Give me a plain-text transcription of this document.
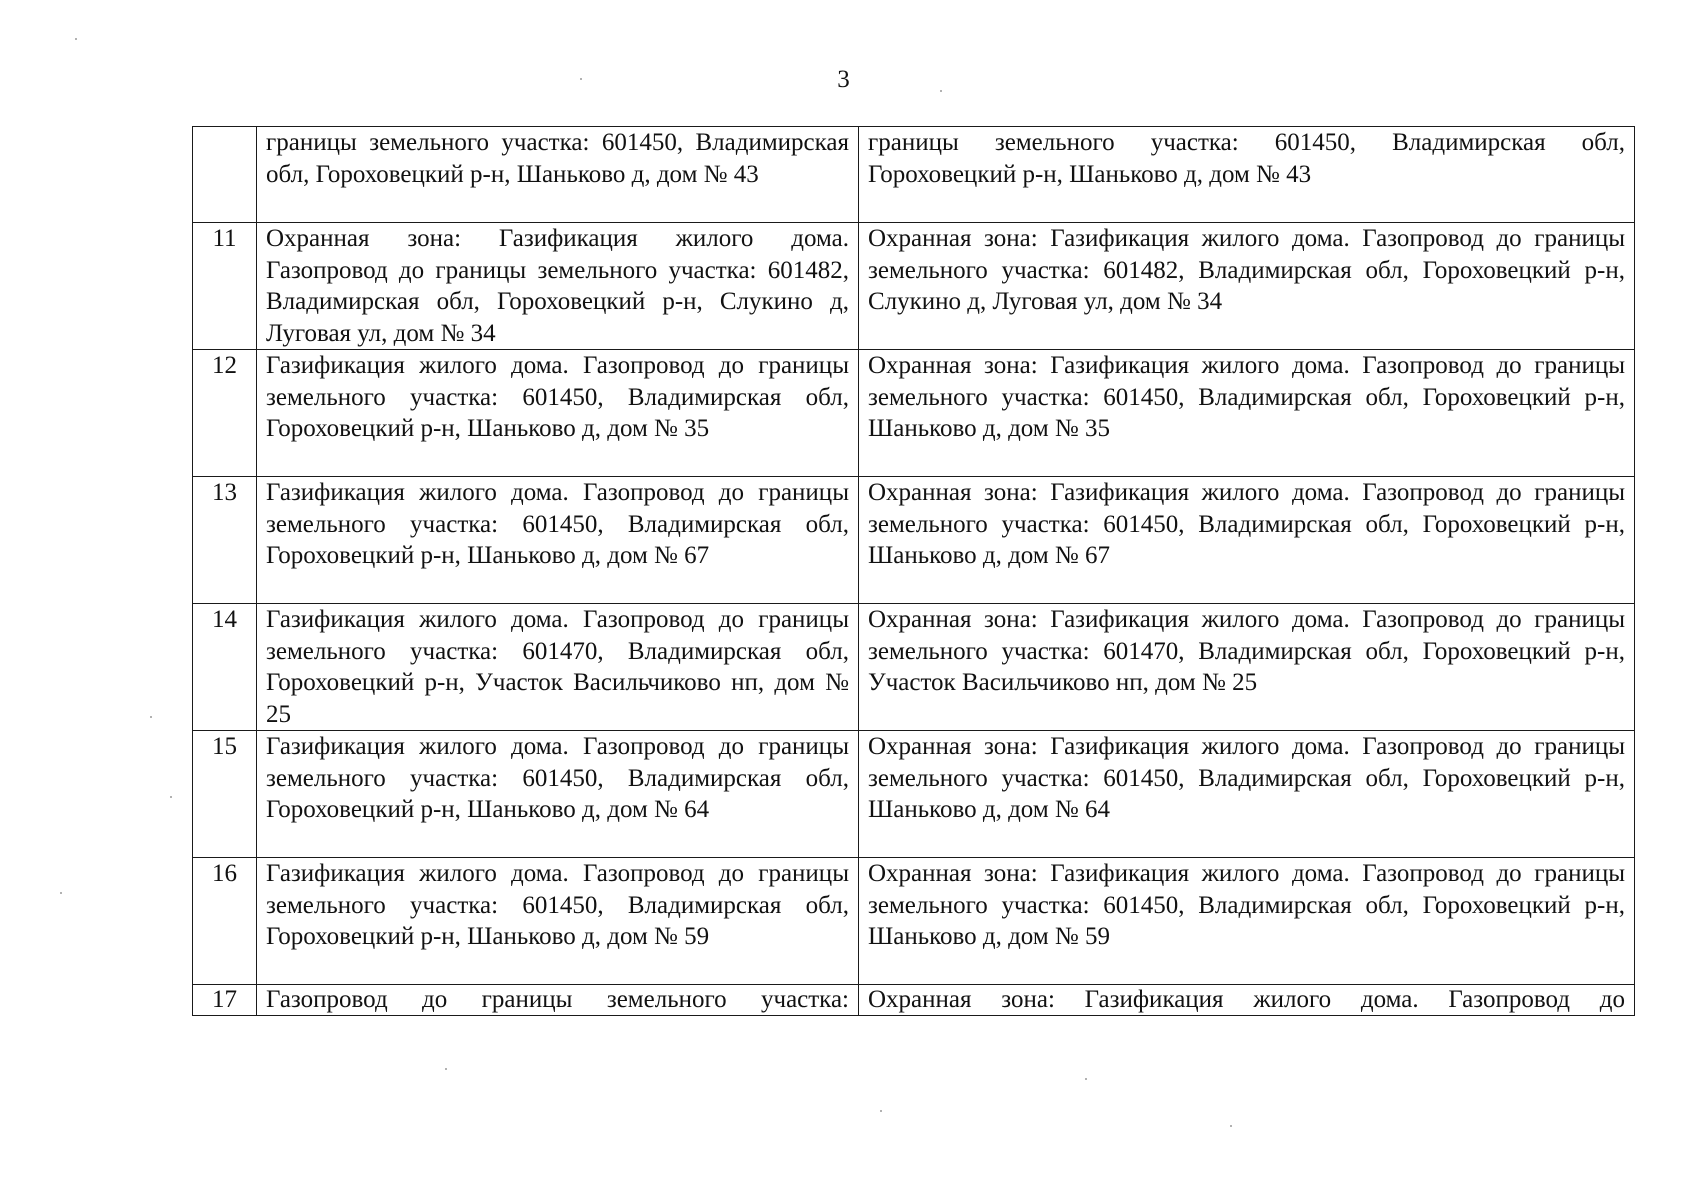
3
	границы земельного участка: 601450, Владимирская обл, Гороховецкий р-н, Шаньково д, дом № 43	границы земельного участка: 601450, Владимирская обл, Гороховецкий р-н, Шаньково д, дом № 43
11	Охранная зона: Газификация жилого дома. Газопровод до границы земельного участка: 601482, Владимирская обл, Гороховецкий р-н, Слукино д, Луговая ул, дом № 34	Охранная зона: Газификация жилого дома. Газопровод до границы земельного участка: 601482, Владимирская обл, Гороховецкий р-н, Слукино д, Луговая ул, дом № 34
12	Газификация жилого дома. Газопровод до границы земельного участка: 601450, Владимирская обл, Гороховецкий р-н, Шаньково д, дом № 35	Охранная зона: Газификация жилого дома. Газопровод до границы земельного участка: 601450, Владимирская обл, Гороховецкий р-н, Шаньково д, дом № 35
13	Газификация жилого дома. Газопровод до границы земельного участка: 601450, Владимирская обл, Гороховецкий р-н, Шаньково д, дом № 67	Охранная зона: Газификация жилого дома. Газопровод до границы земельного участка: 601450, Владимирская обл, Гороховецкий р-н, Шаньково д, дом № 67
14	Газификация жилого дома. Газопровод до границы земельного участка: 601470, Владимирская обл, Гороховецкий р-н, Участок Васильчиково нп, дом № 25	Охранная зона: Газификация жилого дома. Газопровод до границы земельного участка: 601470, Владимирская обл, Гороховецкий р-н, Участок Васильчиково нп, дом № 25
15	Газификация жилого дома. Газопровод до границы земельного участка: 601450, Владимирская обл, Гороховецкий р-н, Шаньково д, дом № 64	Охранная зона: Газификация жилого дома. Газопровод до границы земельного участка: 601450, Владимирская обл, Гороховецкий р-н, Шаньково д, дом № 64
16	Газификация жилого дома. Газопровод до границы земельного участка: 601450, Владимирская обл, Гороховецкий р-н, Шаньково д, дом № 59	Охранная зона: Газификация жилого дома. Газопровод до границы земельного участка: 601450, Владимирская обл, Гороховецкий р-н, Шаньково д, дом № 59
17	Газопровод до границы земельного участка:	Охранная зона: Газификация жилого дома. Газопровод до
